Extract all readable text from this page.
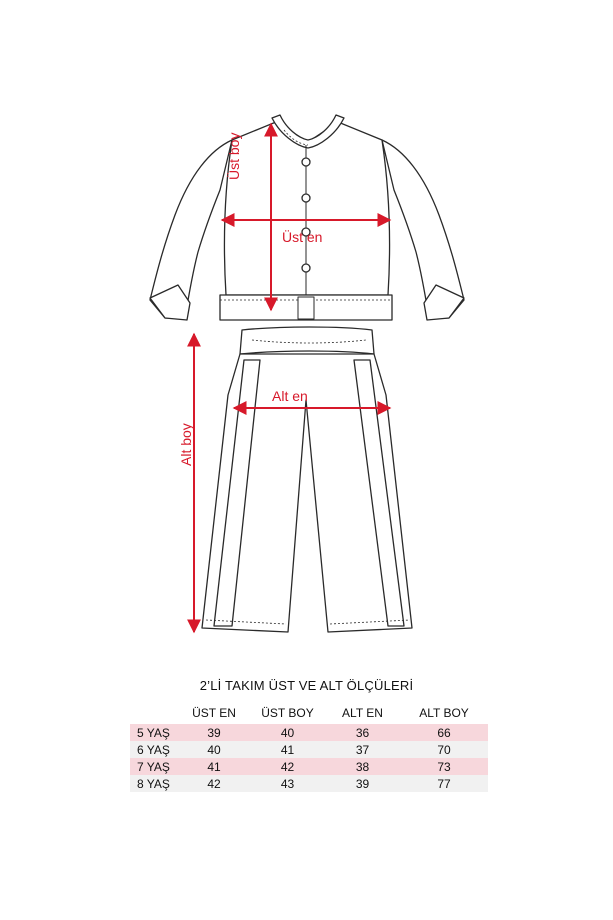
Üst boy
Üst en
Alt en
Alt boy
2’Lİ TAKIM ÜST VE ALT ÖLÇÜLERİ
ÜST EN	ÜST BOY	ALT EN	ALT BOY
5 YAŞ	39	40	36	66
6 YAŞ	40	41	37	70
7 YAŞ	41	42	38	73
8 YAŞ	42	43	39	77
